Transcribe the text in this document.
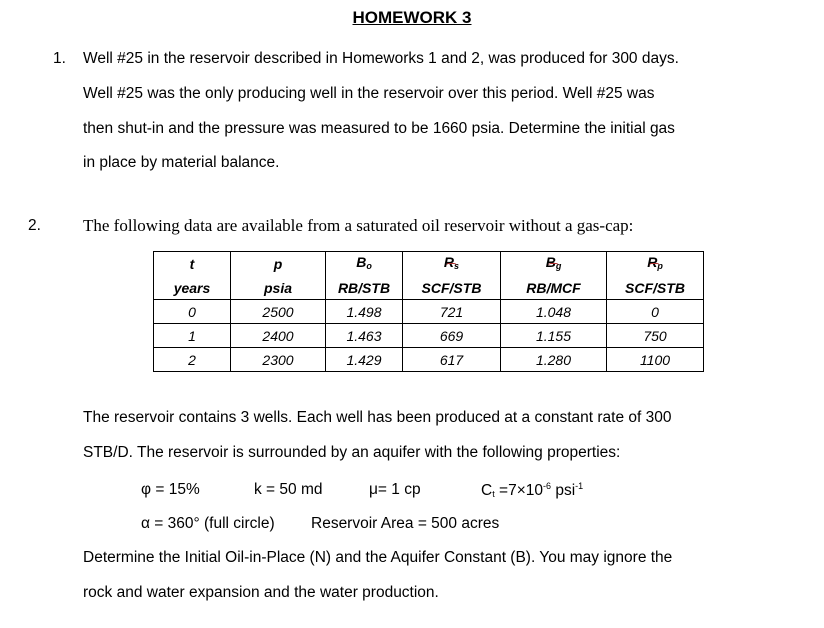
HOMEWORK 3
1. Well #25 in the reservoir described in Homeworks 1 and 2, was produced for 300 days.
Well #25 was the only producing well in the reservoir over this period. Well #25 was
then shut-in and the pressure was measured to be 1660 psia. Determine the initial gas
in place by material balance.
2. The following data are available from a saturated oil reservoir without a gas-cap:
t	p	$B_o$	$R_s$	$B_g$	$R_p$
years	psia	RB/STB	SCF/STB	RB/MCF	SCF/STB
0	2500	1.498	721	1.048	0
1	2400	1.463	669	1.155	750
2	2300	1.429	617	1.280	1100
The reservoir contains 3 wells. Each well has been produced at a constant rate of 300
STB/D. The reservoir is surrounded by an aquifer with the following properties:
φ = 15%	k = 50 md	μ= 1 cp	$C_t =7\times 10^{-6}$ psi$^{-1}$
α = 360° (full circle) Reservoir Area = 500 acres
Determine the Initial Oil-in-Place (N) and the Aquifer Constant (B). You may ignore the
rock and water expansion and the water production.
